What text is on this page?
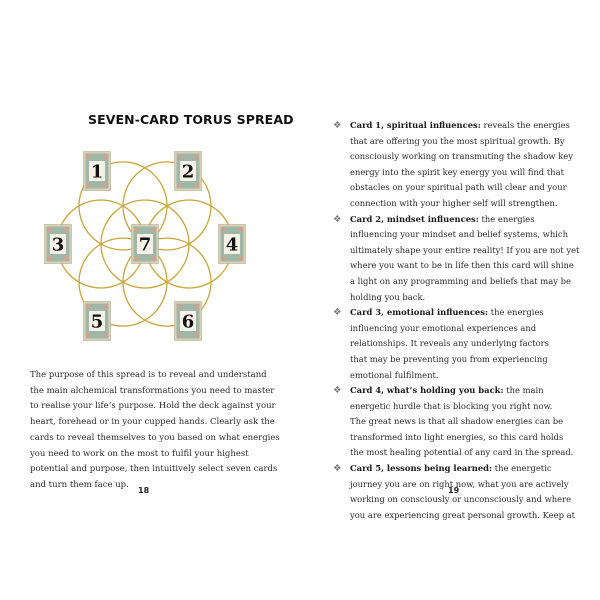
SEVEN-CARD TORUS SPREAD
1	2
3	7	4
5	6
The purpose of this spread is to reveal and understand
the main alchemical transformations you need to master
to realise your life’s purpose. Hold the deck against your
heart, forehead or in your cupped hands. Clearly ask the
cards to reveal themselves to you based on what energies
you need to work on the most to fulfil your highest
potential and purpose, then intuitively select seven cards
and turn them face up.

18

❖ Card 1, spiritual influences: reveals the energies
that are offering you the most spiritual growth. By
consciously working on transmuting the shadow key
energy into the spirit key energy you will find that
obstacles on your spiritual path will clear and your
connection with your higher self will strengthen.
❖ Card 2, mindset influences: the energies
influencing your mindset and belief systems, which
ultimately shape your entire reality! If you are not yet
where you want to be in life then this card will shine
a light on any programming and beliefs that may be
holding you back.
❖ Card 3, emotional influences: the energies
influencing your emotional experiences and
relationships. It reveals any underlying factors
that may be preventing you from experiencing
emotional fulfilment.
❖ Card 4, what’s holding you back: the main
energetic hurdle that is blocking you right now.
The great news is that all shadow energies can be
transformed into light energies, so this card holds
the most healing potential of any card in the spread.
❖ Card 5, lessons being learned: the energetic
journey you are on right now, what you are actively
working on consciously or unconsciously and where
you are experiencing great personal growth. Keep at

19
